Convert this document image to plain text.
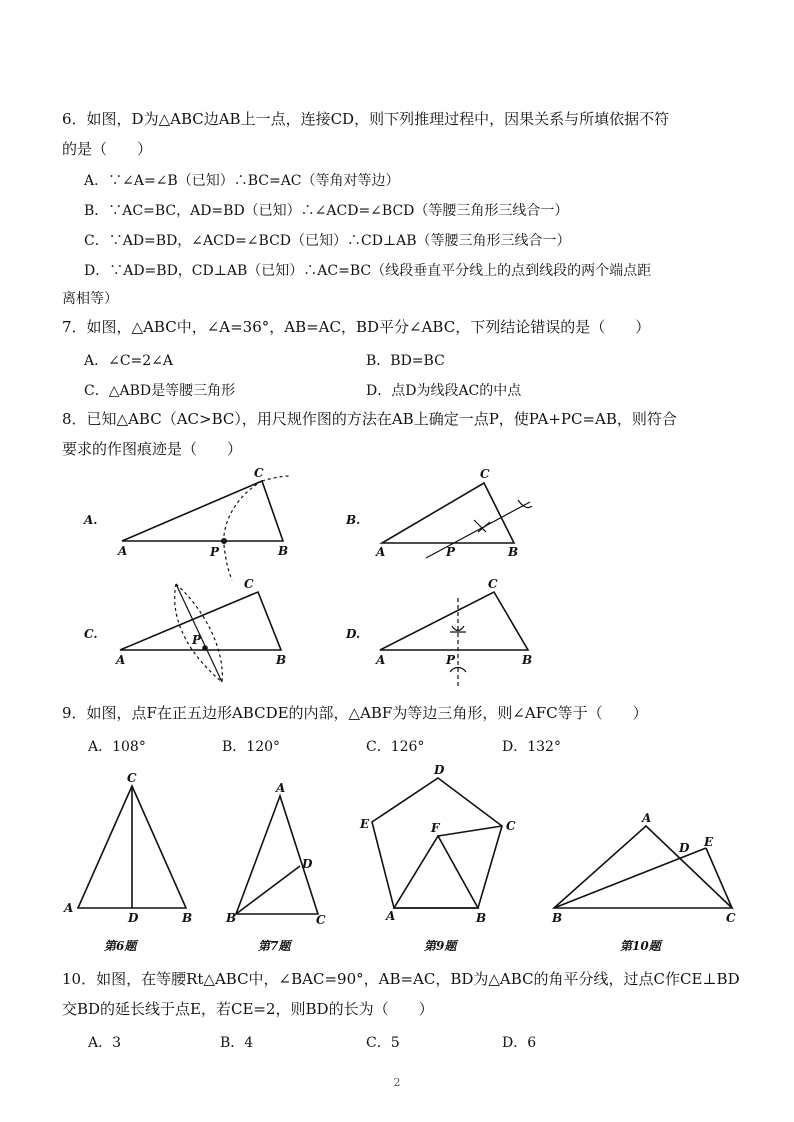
6．如图，D为△ABC边AB上一点，连接CD，则下列推理过程中，因果关系与所填依据不符
的是（　　）
A．∵∠A=∠B（已知）∴BC=AC（等角对等边）
B．∵AC=BC，AD=BD（已知）∴∠ACD=∠BCD（等腰三角形三线合一）
C．∵AD=BD，∠ACD=∠BCD（已知）∴CD⊥AB（等腰三角形三线合一）
D．∵AD=BD，CD⊥AB（已知）∴AC=BC（线段垂直平分线上的点到线段的两个端点距
离相等）
7．如图，△ABC中，∠A=36°，AB=AC，BD平分∠ABC，下列结论错误的是（　　）
A．∠C=2∠A	B．BD=BC
C．△ABD是等腰三角形	D．点D为线段AC的中点
8．已知△ABC（AC>BC），用尺规作图的方法在AB上确定一点P，使PA+PC=AB，则符合
要求的作图痕迹是（　　）
A.
A	B
C
P
B.
A	B
C
P
C.
A	B
C
P	D.
A	B
C
P
9．如图，点F在正五边形ABCDE的内部，△ABF为等边三角形，则∠AFC等于（　　）
A．108°	B．120°	C．126°	D．132°
C
A
D	B
第6题
A
D
B	C
第7题
D
E	C
F
A	B
第9题
A
D E
B	C
第10题
10．如图，在等腰Rt△ABC中，∠BAC=90°，AB=AC，BD为△ABC的角平分线，过点C作CE⊥BD
交BD的延长线于点E，若CE=2，则BD的长为（　　）
A．3	B．4	C．5	D．6
2
